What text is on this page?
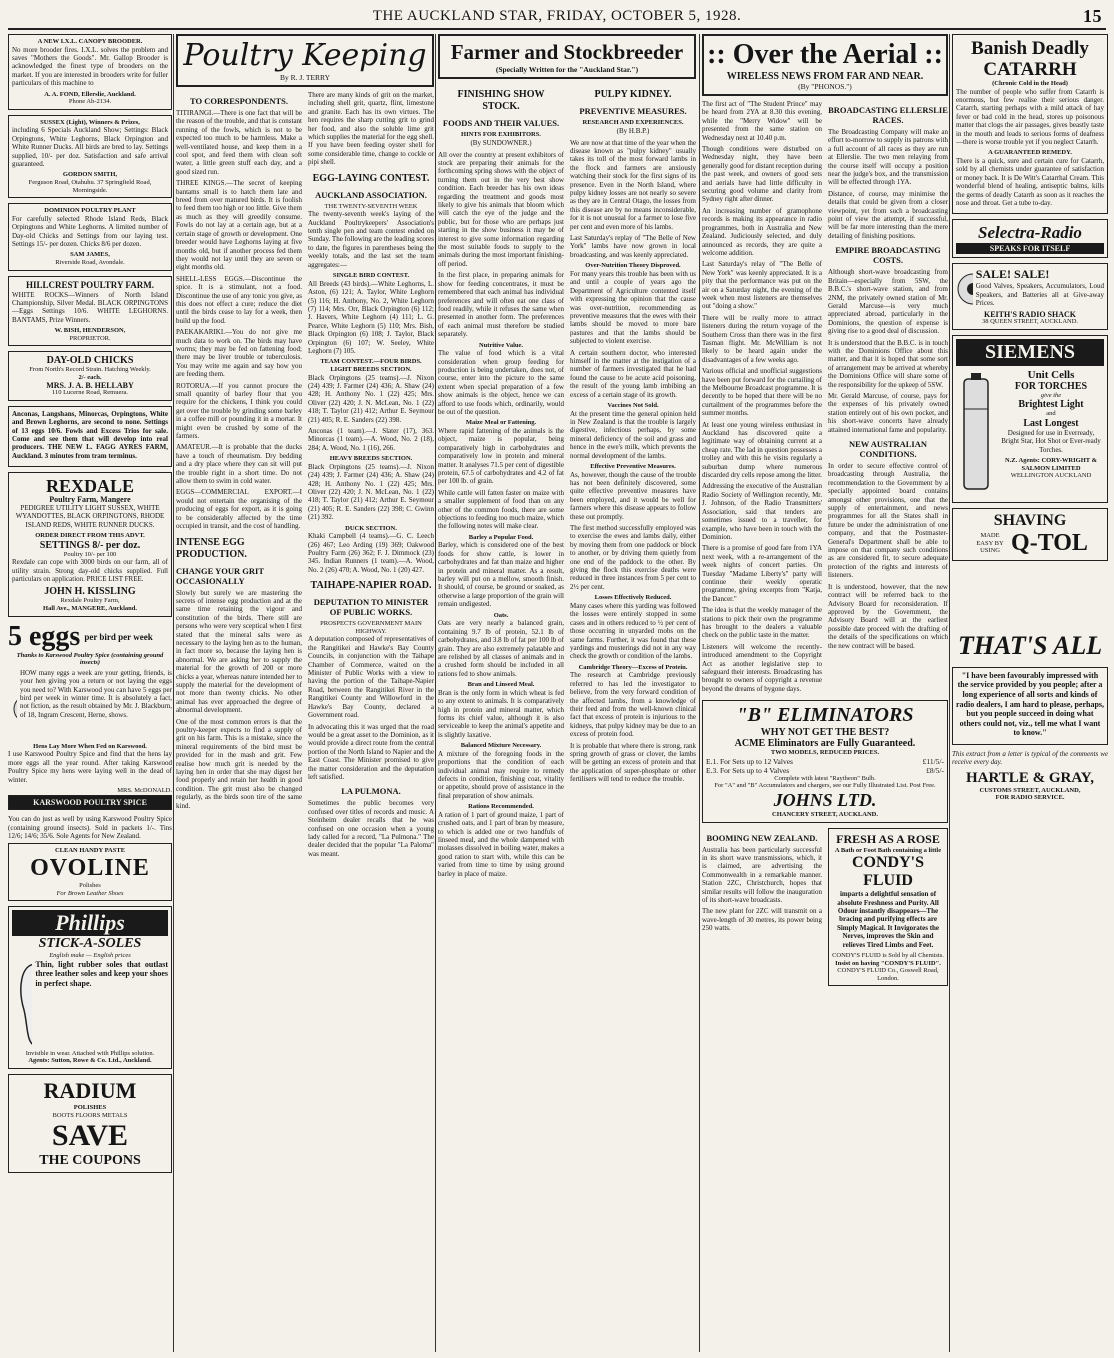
THE AUCKLAND STAR, FRIDAY, OCTOBER 5, 1928.	15
A NEW I.X.L. CANOPY BROODER.

No more brooder fires. I.X.L. solves the problem and saves "Mothers the Goods". Mr. Gallop Brooder is acknowledged the finest type of brooders on the market. If you are interested in brooders write for fuller particulars of this machine to

A. A. FOND, Ellerslie, Auckland.
Phone Ab-2134.
SUSSEX (Light), Winners & Prizes,

including 6 Specials Auckland Show; Settings: Black Orpingtons, White Leghorns, Black Orpington and White Runner Ducks. All birds are bred to lay. Settings supplied, 10/- per doz. Satisfaction and safe arrival guaranteed.

GORDON SMITH,
Ferguson Road, Otahuhu. 37 Springfield Road, Morningside.
DOMINION POULTRY PLANT

For carefully selected Rhode Island Reds, Black Orpingtons and White Leghorns. A limited number of Day-old Chicks and Settings from our laying test. Settings 15/- per dozen. Chicks 8/6 per dozen.

SAM JAMES,
Riverside Road, Avondale.
HILLCREST POULTRY FARM.

WHITE ROCKS—Winners of North Island Championship, Silver Medal. BLACK ORPINGTONS—Eggs Settings 10/6. WHITE LEGHORNS. BANTAMS, Prize Winners.

W. BISH, HENDERSON,
PROPRIETOR.
DAY-OLD CHICKS
From North's Record Strain. Hatching Weekly.
2/- each.
MRS. J. A. B. HELLABY
110 Lucerne Road, Remuera.

Anconas, Langshans, Minorcas, Orpingtons, White and Brown Leghorns, are second to none. Settings of 13 eggs 10/6. Fowls and Excess Trios for sale. Come and see them that will develop into real producers. THE NEW L. FAGG AYRES FARM, Auckland. 3 minutes from tram terminus.

REXDALE
Poultry Farm, Mangere

PEDIGREE UTILITY LIGHT SUSSEX, WHITE WYANDOTTES, BLACK ORPINGTONS, RHODE ISLAND REDS, WHITE RUNNER DUCKS.

ORDER DIRECT FROM THIS ADVT.
SETTINGS 8/- per doz.
Poultry 10/- per 100

Rexdale can cope with 3000 birds on our farm, all of utility strain. Strong day-old chicks supplied. Full particulars on application. PRICE LIST FREE.

JOHN H. KISSLING
Rexdale Poultry Farm,
Hall Ave., MANGERE, Auckland.
5 eggs per bird per week
Thanks to Karswood Poultry Spice (containing ground insects)

HOW many eggs a week are your getting, friends, is your hen giving you a return or not laying the eggs you need to? With Karswood you can have 5 eggs per bird per week in winter time. It is absolutely a fact, not fiction, as the result obtained by Mr. J. Blackburn, of 18, Ingram Crescent, Herne, shows.

Hens Lay More When Fed on Karswood.

I use Karswood Poultry Spice and find that the hens lay more eggs all the year round. After taking Karswood Poultry Spice my hens were laying well in the dead of winter.

MRS. McDONALD.
KARSWOOD POULTRY SPICE

You can do just as well by using Karswood Poultry Spice (containing ground insects). Sold in packets 1/-. Tins 12/6; 14/6; 35/6. Sole Agents for New Zealand.

CLEAN HANDY PASTE
OVOLINE
Polishes
For Brown Leather Shoes
Phillips
STICK-A-SOLES
English make — English prices

Thin, light rubber soles that outlast three leather soles and keep your shoes in perfect shape.

Invisible in wear. Attached with Phillips solution.
Agents: Sutton, Rowe & Co. Ltd., Auckland.
RADIUM
POLISHES
BOOTS FLOORS METALS
SAVE
THE COUPONS
Poultry Keeping
By R. J. TERRY
TO CORRESPONDENTS.

TITIRANGI.—There is one fact that will be the reason of the trouble, and that is constant running of the fowls, which is not to be expected too much to be harmless. Make a well-ventilated house, and keep them in a cool spot, and feed them with clean soft water, a little green stuff each day, and a good sized run.

THREE KINGS.—The secret of keeping bantams small is to hatch them late and breed from over matured birds. It is foolish to feed them too high or too little. Give them as much as they will greedily consume. Fowls do not lay at a certain age, but at a certain stage of growth or development. One breeder would have Leghorns laying at five months old, but if another process fed them they would not lay until they are seven or eight months old.

SHELL-LESS EGGS.—Discontinue the spice. It is a stimulant, not a food. Discontinue the use of any tonic you give, as this does not effect a cure; reduce the diet until the birds cease to lay for a week, then build up the food.

PAEKAKARIKI.—You do not give me much data to work on. The birds may have worms; they may be fed on fattening food; there may be liver trouble or tuberculosis. You may write me again and say how you are feeding them.

ROTORUA.—If you cannot procure the small quantity of barley flour that you require for the chickens, I think you could get over the trouble by grinding some barley in a coffee mill or pounding it in a mortar. It might even be crushed by some of the farmers.

AMATEUR.—It is probable that the ducks have a touch of rheumatism. Dry bedding and a dry place where they can sit will put the trouble right in a short time. Do not allow them to swim in cold water.

EGGS—COMMERCIAL EXPORT.—I would not entertain the organising of the producing of eggs for export, as it is going to be considerably affected by the time occupied in transit, and the cost of handling.

INTENSE EGG PRODUCTION.
CHANGE YOUR GRIT OCCASIONALLY

Slowly but surely we are mastering the secrets of intense egg production and at the same time retaining the vigour and constitution of the birds. There still are persons who were very sceptical when I first stated that the mineral salts were as necessary to the laying hen as to the human, in fact more so, because the laying hen is abnormal. We are asking her to supply the material for the growth of 200 or more chicks a year, whereas nature intended her to supply the material for the development of not more than twenty chicks. No other animal has ever approached the degree of abnormal development.

One of the most common errors is that the poultry-keeper expects to find a supply of grit on his farm. This is a mistake, since the mineral requirements of the bird must be provided for in the mash and grit. Few realise how much grit is needed by the laying hen in order that she may digest her food properly and retain her health in good condition. The grit must also be changed regularly, as the birds soon tire of the same kind.

There are many kinds of grit on the market, including shell grit, quartz, flint, limestone and granite. Each has its own virtues. The hen requires the sharp cutting grit to grind her food, and also the soluble lime grit which supplies the material for the egg shell. If you have been feeding oyster shell for some considerable time, change to cockle or pipi shell.

EGG-LAYING CONTEST.
AUCKLAND ASSOCIATION.
THE TWENTY-SEVENTH WEEK

The twenty-seventh week's laying of the Auckland Poultrykeepers' Association's tenth single pen and team contest ended on Sunday. The following are the leading scores to date, the figures in parentheses being the weekly totals, and the last set the team aggregates:—

SINGLE BIRD CONTEST.

All Breeds (43 birds).—White Leghorns, L. Aston, (6) 121; A. Taylor, White Leghorn (5) 116; H. Anthony, No. 2, White Leghorn (7) 114; Mrs. Orr, Black Orpington (6) 112; J. Havers, White Leghorn (4) 111; L. G. Pearce, White Leghorn (5) 110; Mrs. Bish, Black Orpington (6) 108; J. Taylor, Black Orpington (6) 107; W. Seeley, White Leghorn (7) 105.

TEAM CONTEST.—FOUR BIRDS.
LIGHT BREEDS SECTION.

Black Orpingtons (25 teams).—J. Nixon (24) 439; J. Farmer (24) 436; A. Shaw (24) 428; H. Anthony No. 1 (22) 425; Mrs. Oliver (22) 420; J. N. McLean, No. 1 (22) 418; T. Taylor (21) 412; Arthur E. Seymour (21) 405; R. E. Sanders (22) 398.

Anconas (1 team).—J. Slater (17), 363. Minorcas (1 team).—A. Wood, No. 2 (18), 284; A. Wood, No. 1 (16), 266.

HEAVY BREEDS SECTION.

Black Orpingtons (25 teams).—J. Nixon (24) 439; J. Farmer (24) 436; A. Shaw (24) 428; H. Anthony No. 1 (22) 425; Mrs. Oliver (22) 420; J. N. McLean, No. 1 (22) 418; T. Taylor (21) 412; Arthur E. Seymour (21) 405; R. E. Sanders (22) 398; C. Gwinn (21) 392.

DUCK SECTION.

Khaki Campbell (4 teams).—G. C. Leech (26) 467; Leo Arding (19) 369; Oakwood Poultry Farm (26) 362; F. J. Dimmock (23) 345. Indian Runners (1 team).—A. Wood, No. 2 (26) 470; A. Wood, No. 1 (20) 427.

TAIHAPE-NAPIER ROAD.
DEPUTATION TO MINISTER OF PUBLIC WORKS.
PROSPECTS GOVERNMENT MAIN HIGHWAY.

A deputation composed of representatives of the Rangitikei and Hawke's Bay County Councils, in conjunction with the Taihape Chamber of Commerce, waited on the Minister of Public Works with a view to having the portion of the Taihape-Napier Road, between the Rangitikei River in the Rangitikei County and Willowford in the Hawke's Bay County, declared a Government road.

In advocating this it was urged that the road would be a great asset to the Dominion, as it would provide a direct route from the central portion of the North Island to Napier and the East Coast. The Minister promised to give the matter consideration and the deputation left satisfied.

LA PULMONA.

Sometimes the public becomes very confused over titles of records and music. A Steinheim dealer recalls that he was confused on one occasion when a young lady called for a record, "La Pulmona." The dealer decided that the popular "La Paloma" was meant.

Farmer and Stockbreeder
(Specially Written for the "Auckland Star.")
FINISHING SHOW STOCK.
FOODS AND THEIR VALUES.
HINTS FOR EXHIBITORS.
(By SUNDOWNER.)

All over the country at present exhibitors of stock are preparing their animals for the forthcoming spring shows with the object of turning them out in the very best show condition. Each breeder has his own ideas regarding the treatment and goods most likely to give his animals that bloom which will catch the eye of the judge and the public, but for those who are perhaps just starting in the show business it may be of interest to give some information regarding the most suitable foods to supply to the animals during the most important finishing-off period.

In the first place, in preparing animals for show for feeding concentrates, it must be remembered that each animal has individual preferences and will often eat one class of food readily, while it refuses the same when presented in another form. The preferences of each animal must therefore be studied separately.

Nutritive Value.

The value of food which is a vital consideration when group feeding for production is being undertaken, does not, of course, enter into the picture to the same extent when special preparation of a few show animals is the object, hence we can afford to use foods which, ordinarily, would be out of the question.

Maize Meal or Fattening.

Where rapid fattening of the animals is the object, maize is popular, being comparatively high in carbohydrates and comparatively low in protein and mineral matter. It analyses 71.5 per cent of digestible protein, 67.5 of carbohydrates and 4.2 of fat per 100 lb. of grain.

While cattle will fatten faster on maize with a smaller supplement of food than on any other of the common foods, there are some objections to feeding too much maize, which the following notes will make clear.

Barley a Popular Food.

Barley, which is considered one of the best foods for show cattle, is lower in carbohydrates and fat than maize and higher in protein and mineral matter. As a result, barley will put on a mellow, smooth finish. It should, of course, be ground or soaked, as otherwise a large proportion of the grain will remain undigested.

Oats.

Oats are very nearly a balanced grain, containing 9.7 lb of protein, 52.1 lb of carbohydrates, and 3.8 lb of fat per 100 lb of grain. They are also extremely palatable and are relished by all classes of animals and in a crushed form should be included in all rations fed to show animals.

Bran and Linseed Meal.

Bran is the only form in which wheat is fed to any extent to animals. It is comparatively high in protein and mineral matter, which forms its chief value, although it is also serviceable to keep the animal's appetite and is slightly laxative.

Balanced Mixture Necessary.

A mixture of the foregoing foods in the proportions that the condition of each individual animal may require to remedy defects in condition, finishing coat, vitality or appetite, should prove of assistance in the final preparation of show animals.

Rations Recommended.

A ration of 1 part of ground maize, 1 part of crushed oats, and 1 part of bran by measure, to which is added one or two handfuls of linseed meal, and the whole dampened with molasses dissolved in boiling water, makes a good ration to start with, while this can be varied from time to time by using ground barley in place of maize.

PULPY KIDNEY.
PREVENTIVE MEASURES.
RESEARCH AND EXPERIENCES.
(By H.B.P.)

We are now at that time of the year when the disease known as "pulpy kidney" usually takes its toll of the most forward lambs in the flock and farmers are anxiously watching their stock for the first signs of its presence. Even in the North Island, where pulpy kidney losses are not nearly so severe as they are in Central Otago, the losses from this disease are by no means inconsiderable, for it is not unusual for a farmer to lose five per cent and even more of his lambs.

Last Saturday's replay of "The Belle of New York" lambs have now grown in local broadcasting, and was keenly appreciated.

Over-Nutrition Theory Disproved.

For many years this trouble has been with us and until a couple of years ago the Department of Agriculture contented itself with expressing the opinion that the cause was over-nutrition, recommending as preventive measures that the ewes with their lambs should be moved to more bare pastures and that the lambs should be subjected to violent exercise.

A certain southern doctor, who interested himself in the matter at the instigation of a number of farmers investigated that he had found the cause to be acute acid poisoning, the result of the young lamb imbibing an excess of a certain stage of its growth.

Vaccines Not Sold.

At the present time the general opinion held in New Zealand is that the trouble is largely digestive, infectious perhaps, by some mineral deficiency of the soil and grass and hence in the ewe's milk, which prevents the normal development of the lambs.

Effective Preventive Measures.

As, however, though the cause of the trouble has not been definitely discovered, some quite effective preventive measures have been employed, and it would be well for farmers where this disease appears to follow these out promptly.

The first method successfully employed was to exercise the ewes and lambs daily, either by moving them from one paddock or block to another, or by driving them quietly from one end of the paddock to the other. By giving the flock this exercise deaths were reduced in three instances from 5 per cent to 2½ per cent.

Losses Effectively Reduced.

Many cases where this yarding was followed the losses were entirely stopped in some cases and in others reduced to ½ per cent of those occurring in unyarded mobs on the same farms. Further, it was found that these yardings and musterings did not in any way check the growth or condition of the lambs.

Cambridge Theory—Excess of Protein.

The research at Cambridge previously referred to has led the investigator to believe, from the very forward condition of the affected lambs, from a knowledge of their feed and from the well-known clinical fact that excess of protein is injurious to the kidneys, that pulpy kidney may be due to an excess of protein food.

It is probable that where there is strong, rank spring growth of grass or clover, the lambs will be getting an excess of protein and that the application of super-phosphate or other fertilisers will tend to reduce the trouble.

:: Over the Aerial ::
WIRELESS NEWS FROM FAR AND NEAR.
(By "PHONOS.")

The first act of "The Student Prince" may be heard from 2YA at 8.30 this evening, while the "Merry Widow" will be presented from the same station on Wednesday next at 10.40 p.m.

Though conditions were disturbed on Wednesday night, they have been generally good for distant reception during the past week, and owners of good sets and aerials have had little difficulty in securing good volume and clarity from Sydney right after dinner.

An increasing number of gramophone records is making its appearance in radio programmes, both in Australia and New Zealand. Judiciously selected, and duly announced as records, they are quite a welcome addition.

Last Saturday's relay of "The Belle of New York" was keenly appreciated. It is a pity that the performance was put on the air on a Saturday night, the evening of the week when most listeners are themselves out "doing a show."

There will be really more to attract listeners during the return voyage of the Southern Cross than there was in the first Tasman flight. Mr. McWilliam is not likely to be heard again under the disadvantages of a few weeks ago.

Various official and unofficial suggestions have been put forward for the curtailing of the Melbourne Broadcast programme. It is decently to be hoped that there will be no curtailment of the programmes before the summer months.

At least one young wireless enthusiast in Auckland has discovered quite a legitimate way of obtaining current at a cheap rate. The lad in question possesses a trolley and with this he visits regularly a suburban dump where numerous discarded dry cells repose among the litter.

Addressing the executive of the Australian Radio Society of Wellington recently, Mr. J. Johnson, of the Radio Transmitters' Association, said that tenders are sometimes issued to a traveller, for example, who have been in touch with the Dominion.

There is a promise of good fare from 1YA next week, with a re-arrangement of the week nights of concert parties. On Tuesday "Madame Liberty's" party will continue their weekly operatic programme, giving excerpts from "Katja, the Dancer."

The idea is that the weekly manager of the stations to pick their own the programme has brought to the dealers a valuable check on the public taste in the matter.

Listeners will welcome the recently-introduced amendment to the Copyright Act as another legislative step to safeguard their interests. Broadcasting has brought to owners of copyright a revenue beyond the dreams of bygone days.

BROADCASTING ELLERSLIE RACES.

The Broadcasting Company will make an effort to-morrow to supply its patrons with a full account of all races as they are run at Ellerslie. The two men relaying from the course itself will occupy a position near the judge's box, and the transmission will be effected through 1YA.

Distance, of course, may minimise the details that could be given from a closer viewpoint, yet from such a broadcasting point of view the attempt, if successful, will be far more interesting than the mere detailing of finishing positions.

EMPIRE BROADCASTING COSTS.

Although short-wave broadcasting from Britain—especially from 5SW, the B.B.C.'s short-wave station, and from 2NM, the privately owned station of Mr. Gerald Marcuse—is very much appreciated abroad, particularly in the Dominions, the question of expense is giving rise to a good deal of discussion.

It is understood that the B.B.C. is in touch with the Dominions Office about this matter, and that it is hoped that some sort of arrangement may be arrived at whereby the Dominions Office will share some of the responsibility for the upkeep of 5SW.

Mr. Gerald Marcuse, of course, pays for the expenses of his privately owned station entirely out of his own pocket, and his short-wave concerts have already attained international fame and popularity.

NEW AUSTRALIAN CONDITIONS.

In order to secure effective control of broadcasting through Australia, the recommendation to the Government by a specially appointed board contains amongst other provisions, one that the supply of entertainment, and news programmes for all the States shall in future be under the administration of one company, and that the Postmaster-General's Department shall be able to impose on that company such conditions as are considered fit, to secure adequate protection of the rights and interests of listeners.

It is understood, however, that the new contract will be referred back to the Advisory Board for reconsideration. If approved by the Government, the Advisory Board will at the earliest possible date proceed with the drafting of the details of the specifications on which the new contract will be based.

"B" ELIMINATORS
WHY NOT GET THE BEST?
ACME Eliminators are Fully Guaranteed.
TWO MODELS, REDUCED PRICES.
E.1. For Sets up to 12 Valves	£11/5/-
E.3. For Sets up to 4 Valves	£8/5/-
Complete with latest "Raytheon" Bulb.
For "A" and "B" Accumulators and chargers, see our Fully Illustrated List. Post Free.
JOHNS LTD.
CHANCERY STREET, AUCKLAND.
BOOMING NEW ZEALAND.

Australia has been particularly successful in its short wave transmissions, which, it is claimed, are advertising the Commonwealth in a remarkable manner. Station 2ZC, Christchurch, hopes that similar results will follow the inauguration of its short-wave broadcasts.

The new plant for 2ZC will transmit on a wave-length of 30 metres, its power being 250 watts.

FRESH AS A ROSE
A Bath or Foot Bath containing a little
CONDY'S FLUID

imparts a delightful sensation of absolute Freshness and Purity. All Odour instantly disappears—The bracing and purifying effects are Simply Magical. It Invigorates the Nerves, improves the Skin and relieves Tired Limbs and Feet.

CONDY'S FLUID is Sold by all Chemists.
Insist on having "CONDY'S FLUID".
CONDY'S FLUID Co., Goswell Road, London.
Banish Deadly CATARRH
(Chronic Cold in the Head)

The number of people who suffer from Catarrh is enormous, but few realise their serious danger. Catarrh, starting perhaps with a mild attack of hay fever or bad cold in the head, stores up poisonous matter that clogs the air passages, gives beastly taste in the mouth and leads to serious forms of deafness—there is worse trouble yet if you neglect Catarrh.

A GUARANTEED REMEDY.

There is a quick, sure and certain cure for Catarrh, sold by all chemists under guarantee of satisfaction or money back. It is De Witt's Catarrhal Cream. This wonderful blend of healing, antiseptic balms, kills the germs of deadly Catarrh as soon as it reaches the nose and throat. Get a tube to-day.

Selectra-Radio
SPEAKS FOR ITSELF
SALE! SALE!

Good Valves, Speakers, Accumulators, Loud Speakers, and Batteries all at Give-away Prices.

KEITH'S RADIO SHACK
38 QUEEN STREET, AUCKLAND.
SIEMENS
Unit Cells
FOR TORCHES
give the
Brightest Light
and
Last Longest

Designed for use in Everready, Bright Star, Hot Shot or Ever-ready Torches.

N.Z. Agents: CORY-WRIGHT & SALMON LIMITED
WELLINGTON AUCKLAND
SHAVING
MADE EASY BY USING Q-TOL
THAT'S ALL

"I have been favourably impressed with the service provided by you people; after a long experience of all sorts and kinds of radio dealers, I am hard to please, perhaps, but you people succeed in doing what others could not, viz., tell me what I want to know."

This extract from a letter is typical of the comments we receive every day.

HARTLE & GRAY,
CUSTOMS STREET, AUCKLAND,
FOR RADIO SERVICE.
